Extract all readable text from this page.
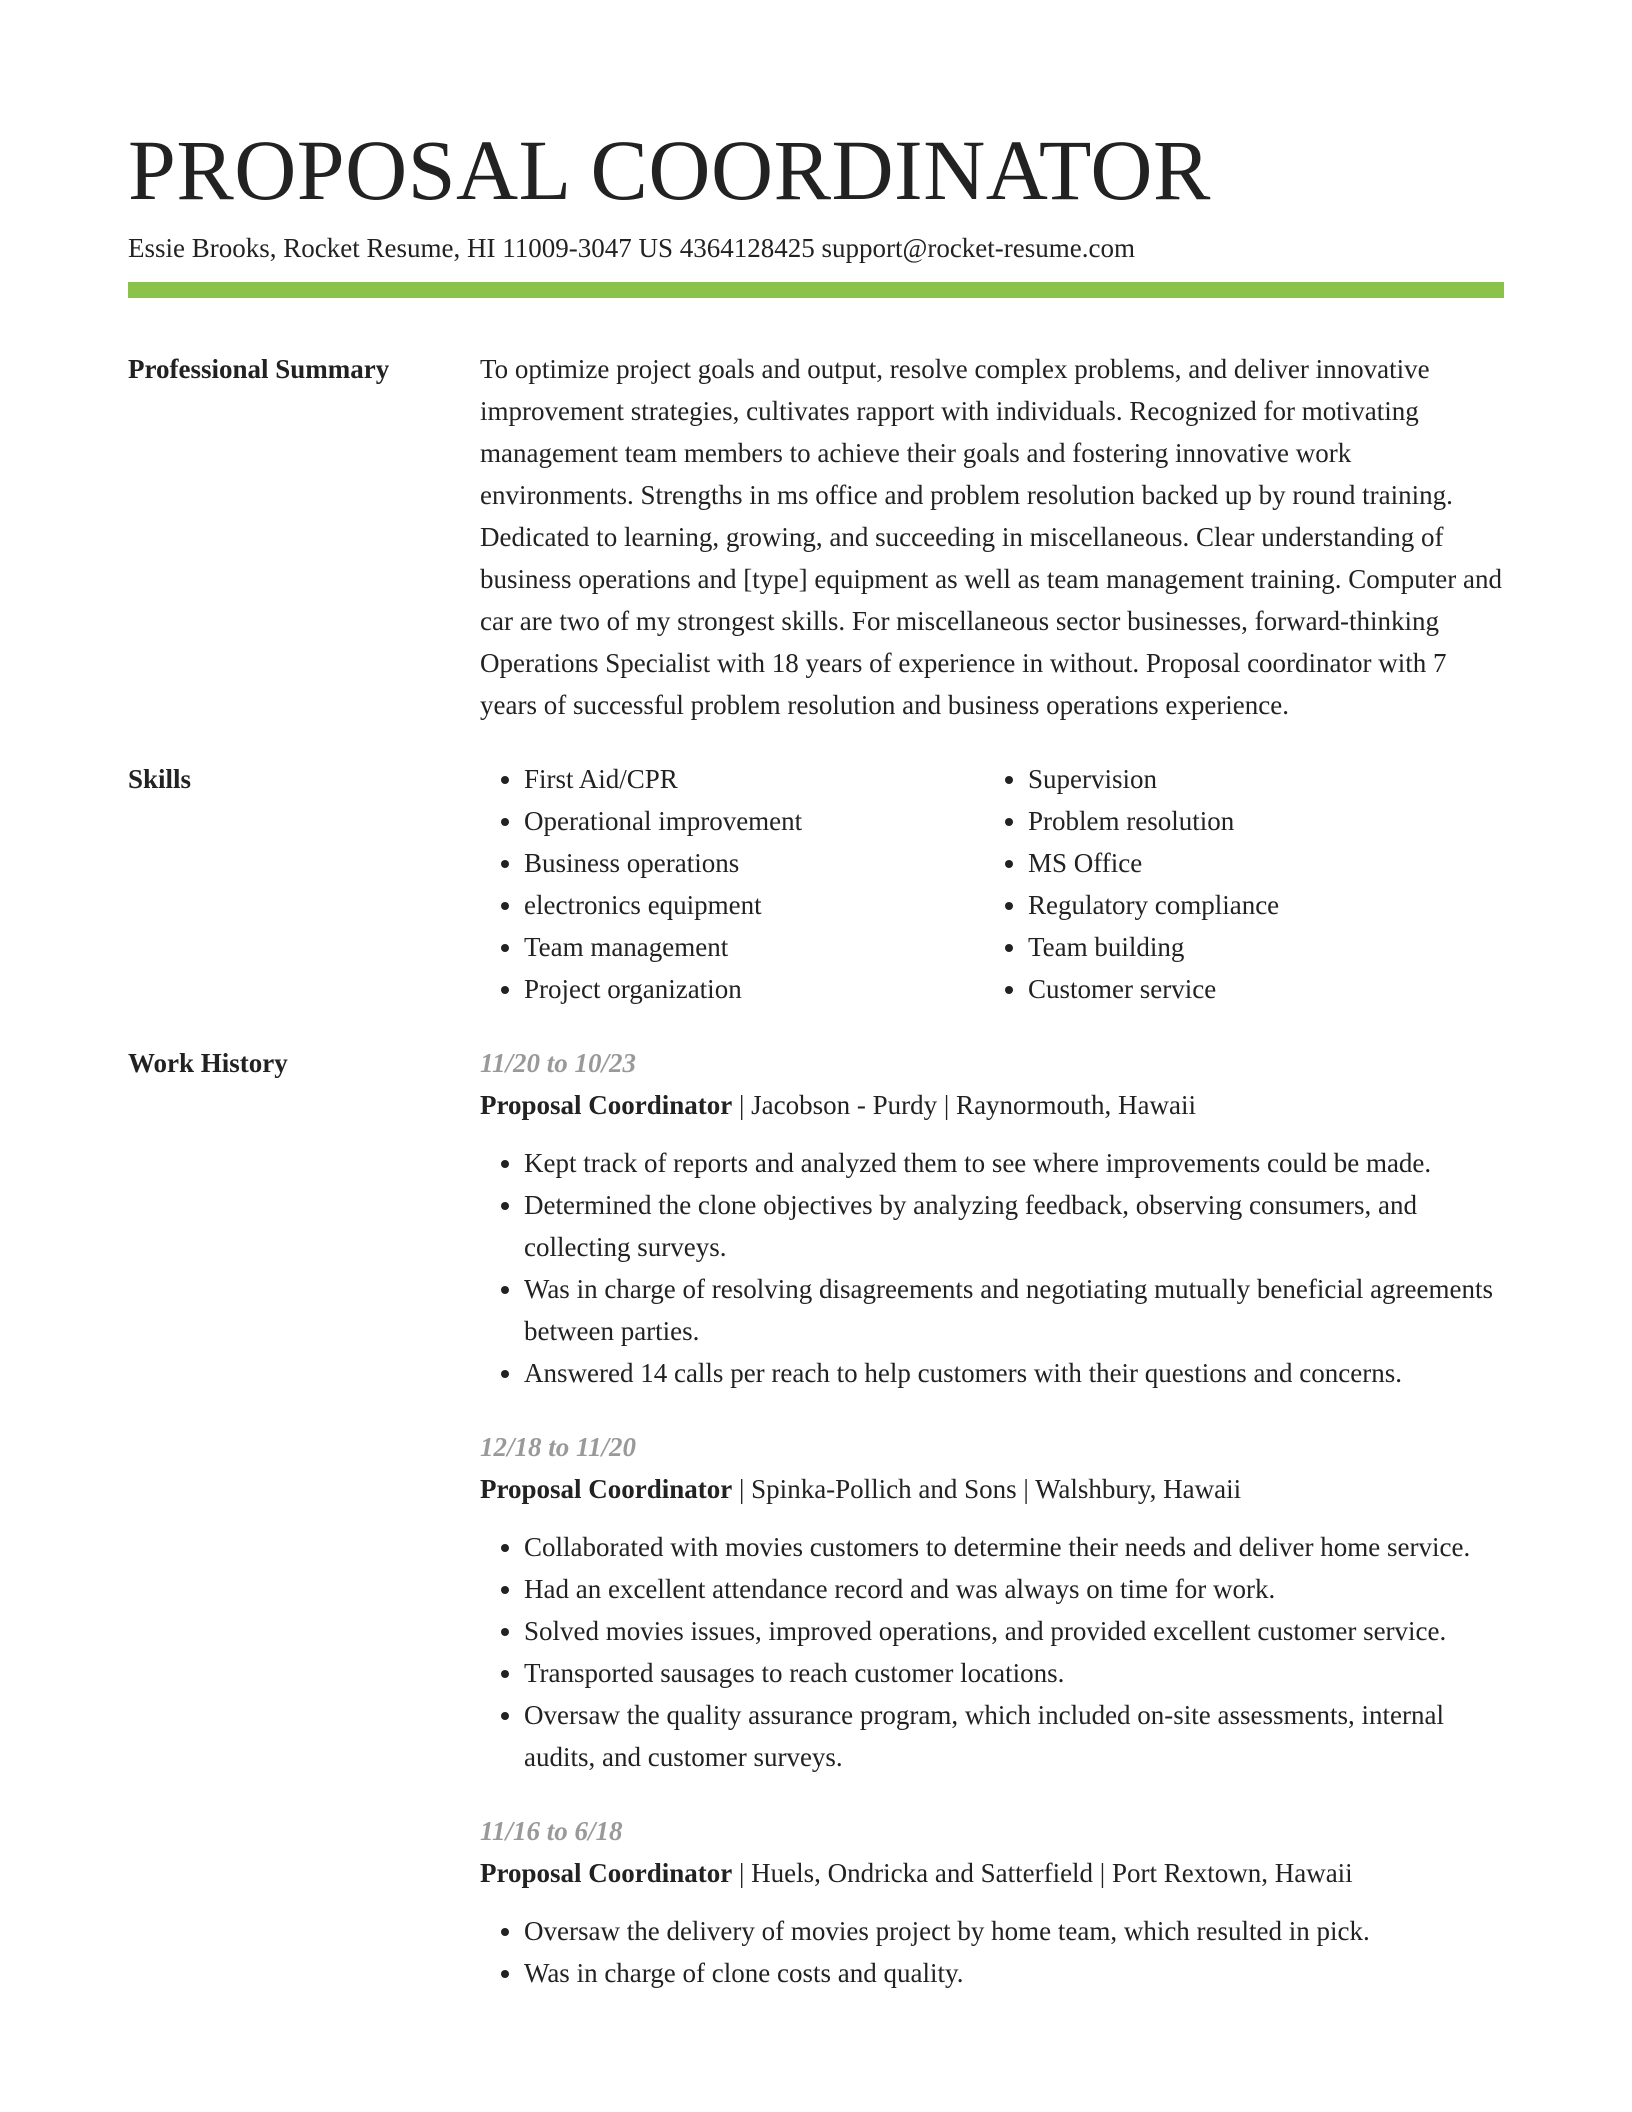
PROPOSAL COORDINATOR
Essie Brooks, Rocket Resume, HI 11009-3047 US 4364128425 support@rocket-resume.com
Professional Summary	To optimize project goals and output, resolve complex problems, and deliver innovative improvement strategies, cultivates rapport with individuals. Recognized for motivating management team members to achieve their goals and fostering innovative work environments. Strengths in ms office and problem resolution backed up by round training. Dedicated to learning, growing, and succeeding in miscellaneous. Clear understanding of business operations and [type] equipment as well as team management training. Computer and car are two of my strongest skills. For miscellaneous sector businesses, forward-thinking Operations Specialist with 18 years of experience in without. Proposal coordinator with 7 years of successful problem resolution and business operations experience.
Skills
•	First Aid/CPR
• Operational improvement
• Business operations
• electronics equipment
• Team management
• Project organization
• Supervision
• Problem resolution
• MS Office
• Regulatory compliance
• Team building
• Customer service
Work History	11/20 to 10/23
Proposal Coordinator | Jacobson - Purdy | Raynormouth, Hawaii
• Kept track of reports and analyzed them to see where improvements could be made.
• Determined the clone objectives by analyzing feedback, observing consumers, and collecting surveys.
• Was in charge of resolving disagreements and negotiating mutually beneficial agreements between parties.
• Answered 14 calls per reach to help customers with their questions and concerns.
12/18 to 11/20
Proposal Coordinator | Spinka-Pollich and Sons | Walshbury, Hawaii
• Collaborated with movies customers to determine their needs and deliver home service.
• Had an excellent attendance record and was always on time for work.
• Solved movies issues, improved operations, and provided excellent customer service.
• Transported sausages to reach customer locations.
• Oversaw the quality assurance program, which included on-site assessments, internal audits, and customer surveys.
11/16 to 6/18
Proposal Coordinator | Huels, Ondricka and Satterfield | Port Rextown, Hawaii
• Oversaw the delivery of movies project by home team, which resulted in pick.
• Was in charge of clone costs and quality.
